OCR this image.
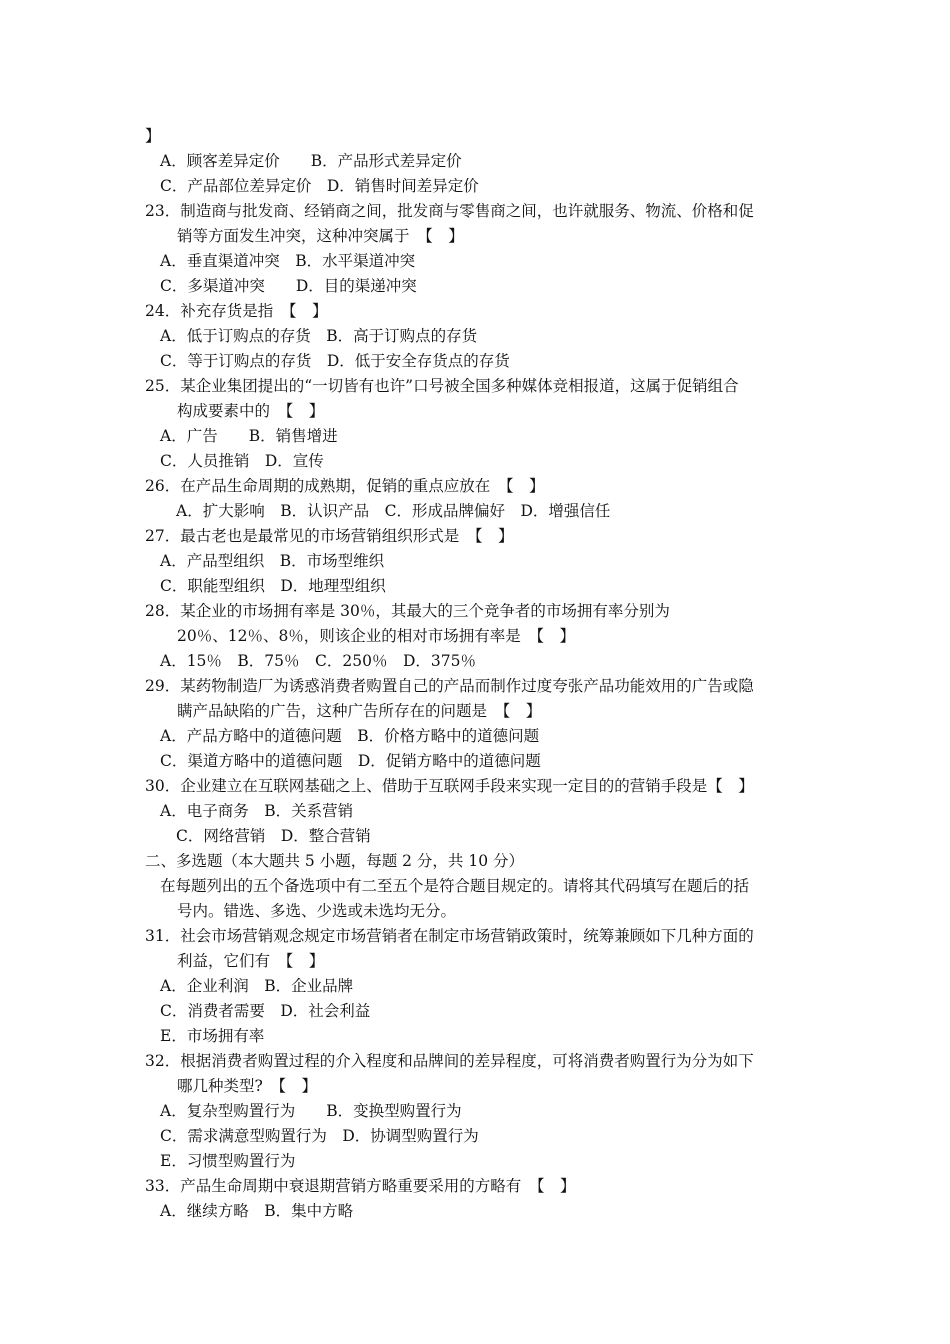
】
A．顾客差异定价　　B．产品形式差异定价
C．产品部位差异定价　D．销售时间差异定价
23．制造商与批发商、经销商之间，批发商与零售商之间，也许就服务、物流、价格和促
销等方面发生冲突，这种冲突属于　【　】
A．垂直渠道冲突　B．水平渠道冲突
C．多渠道冲突　　D．目的渠递冲突
24．补充存货是指　【　】
A．低于订购点的存货　B．高于订购点的存货
C．等于订购点的存货　D．低于安全存货点的存货
25．某企业集团提出的“一切皆有也许”口号被全国多种媒体竞相报道，这属于促销组合
构成要素中的　【　】
A．广告　　B．销售增进
C．人员推销　D．宣传
26．在产品生命周期的成熟期，促销的重点应放在　【　】
A．扩大影响　B．认识产品　C．形成品牌偏好　D．增强信任
27．最古老也是最常见的市场营销组织形式是　【　】
A．产品型组织　B．市场型维织
C．职能型组织　D．地理型组织
28．某企业的市场拥有率是 30％，其最大的三个竞争者的市场拥有率分别为
20％、12％、8％，则该企业的相对市场拥有率是　【　】
A．15％　B．75％　C．250％　D．375％
29．某药物制造厂为诱惑消费者购置自己的产品而制作过度夸张产品功能效用的广告或隐
瞒产品缺陷的广告，这种广告所存在的问题是　【　】
A．产品方略中的道德问题　B．价格方略中的道德问题
C．渠道方略中的道德问题　D．促销方略中的道德问题
30．企业建立在互联网基础之上、借助于互联网手段来实现一定目的的营销手段是【　】
A．电子商务　B．关系营销
C．网络营销　D．整合营销
二、多选题（本大题共 5 小题，每题 2 分，共 10 分）
在每题列出的五个备选项中有二至五个是符合题目规定的。请将其代码填写在题后的括
号内。错选、多选、少选或未选均无分。
31．社会市场营销观念规定市场营销者在制定市场营销政策时，统筹兼顾如下几种方面的
利益，它们有　【　】
A．企业利润　B．企业品牌
C．消费者需要　D．社会利益
E．市场拥有率
32．根据消费者购置过程的介入程度和品牌间的差异程度，可将消费者购置行为分为如下
哪几种类型?　【　】
A．复杂型购置行为　　B．变换型购置行为
C．需求满意型购置行为　D．协调型购置行为
E．习惯型购置行为
33．产品生命周期中衰退期营销方略重要采用的方略有　【　】
A．继续方略　B．集中方略
